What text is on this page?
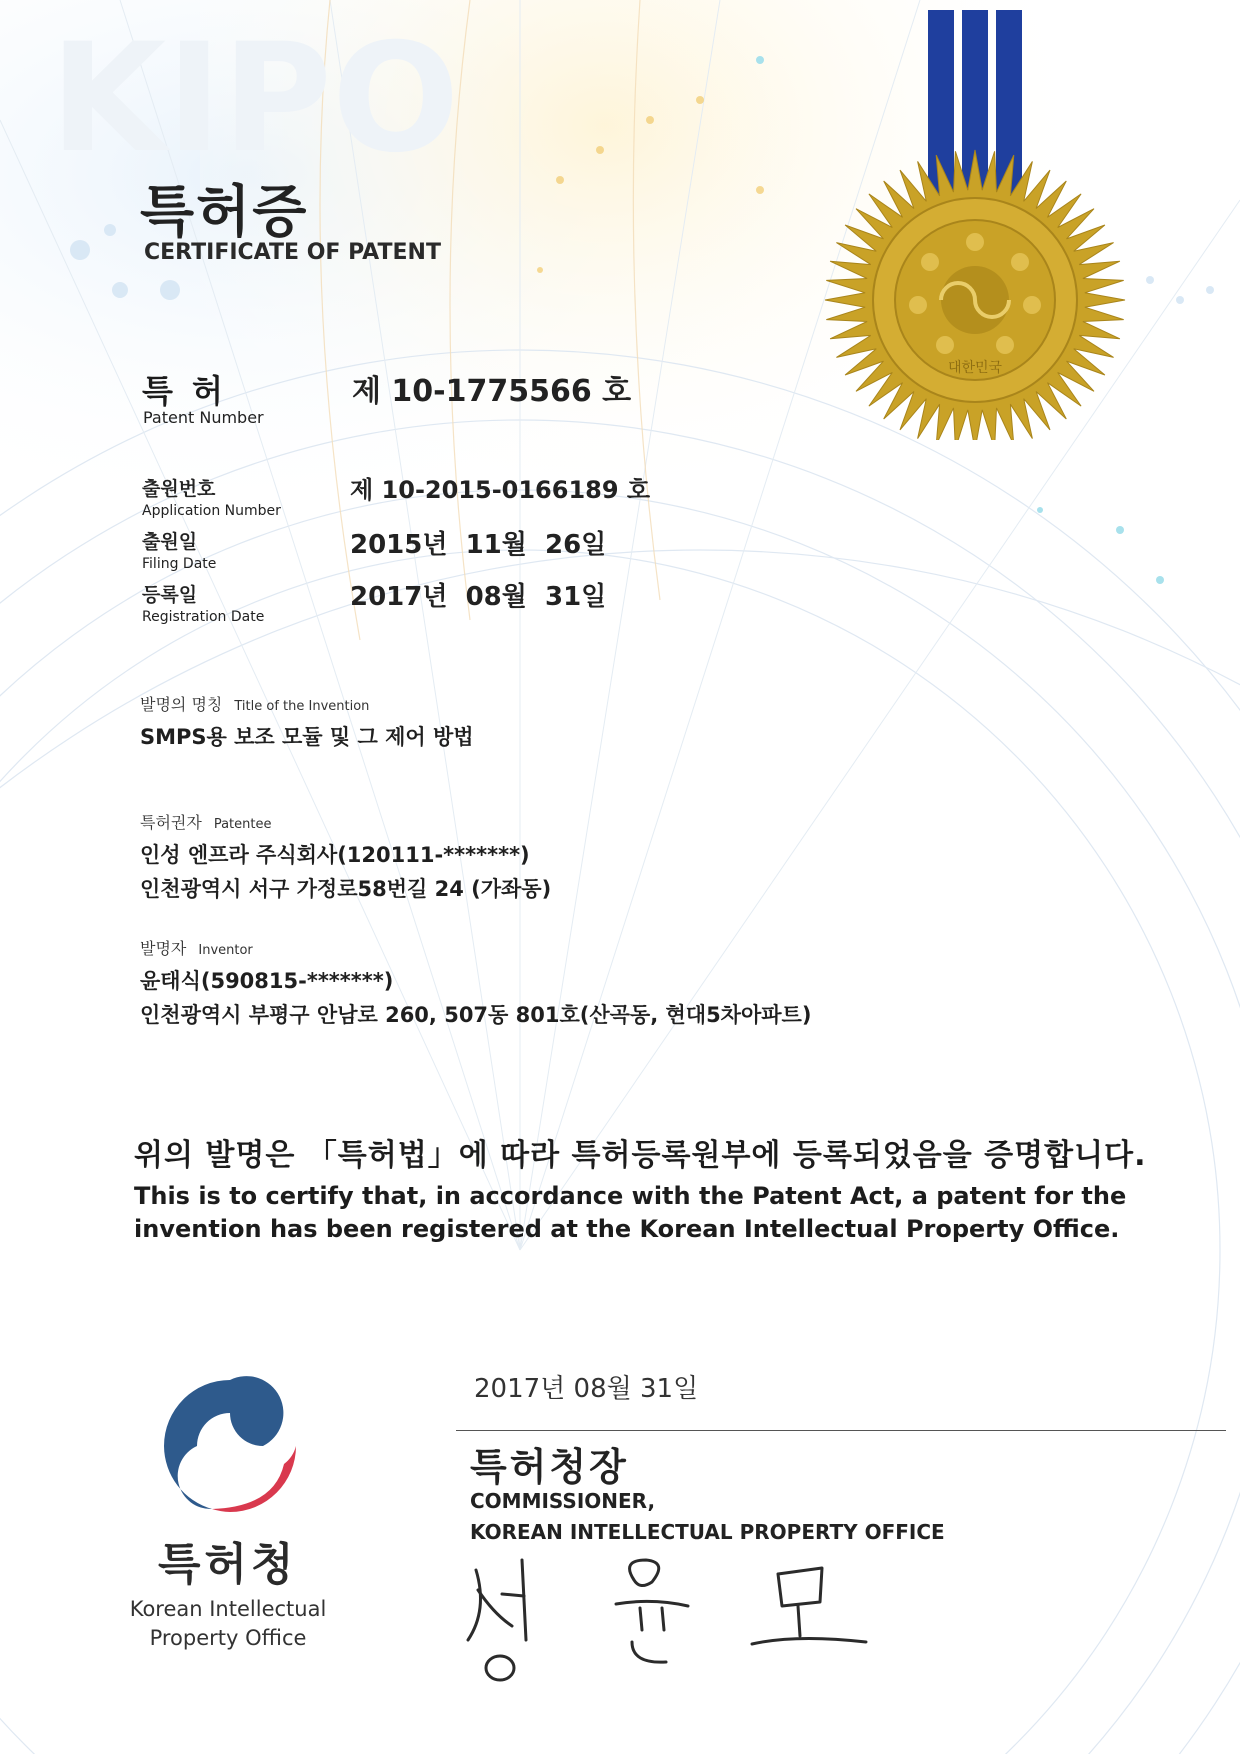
KIPO
대한민국
특허증
CERTIFICATE OF PATENT
특 허
Patent Number
제 10-1775566 호
출원번호
Application Number
제 10-2015-0166189 호
출원일
Filing Date
2015년  11월  26일
등록일
Registration Date
2017년  08월  31일
발명의 명칭 Title of the Invention
SMPS용 보조 모듈 및 그 제어 방법
특허권자 Patentee
인성 엔프라 주식회사(120111-*******)
인천광역시 서구 가정로58번길 24 (가좌동)
발명자 Inventor
윤태식(590815-*******)
인천광역시 부평구 안남로 260, 507동 801호(산곡동, 현대5차아파트)
위의 발명은 「특허법」에 따라 특허등록원부에 등록되었음을 증명합니다.
This is to certify that, in accordance with the Patent Act, a patent for the invention has been registered at the Korean Intellectual Property Office.
특허청
Korean Intellectual
Property Office
2017년 08월 31일
특허청장
COMMISSIONER,
KOREAN INTELLECTUAL PROPERTY OFFICE
